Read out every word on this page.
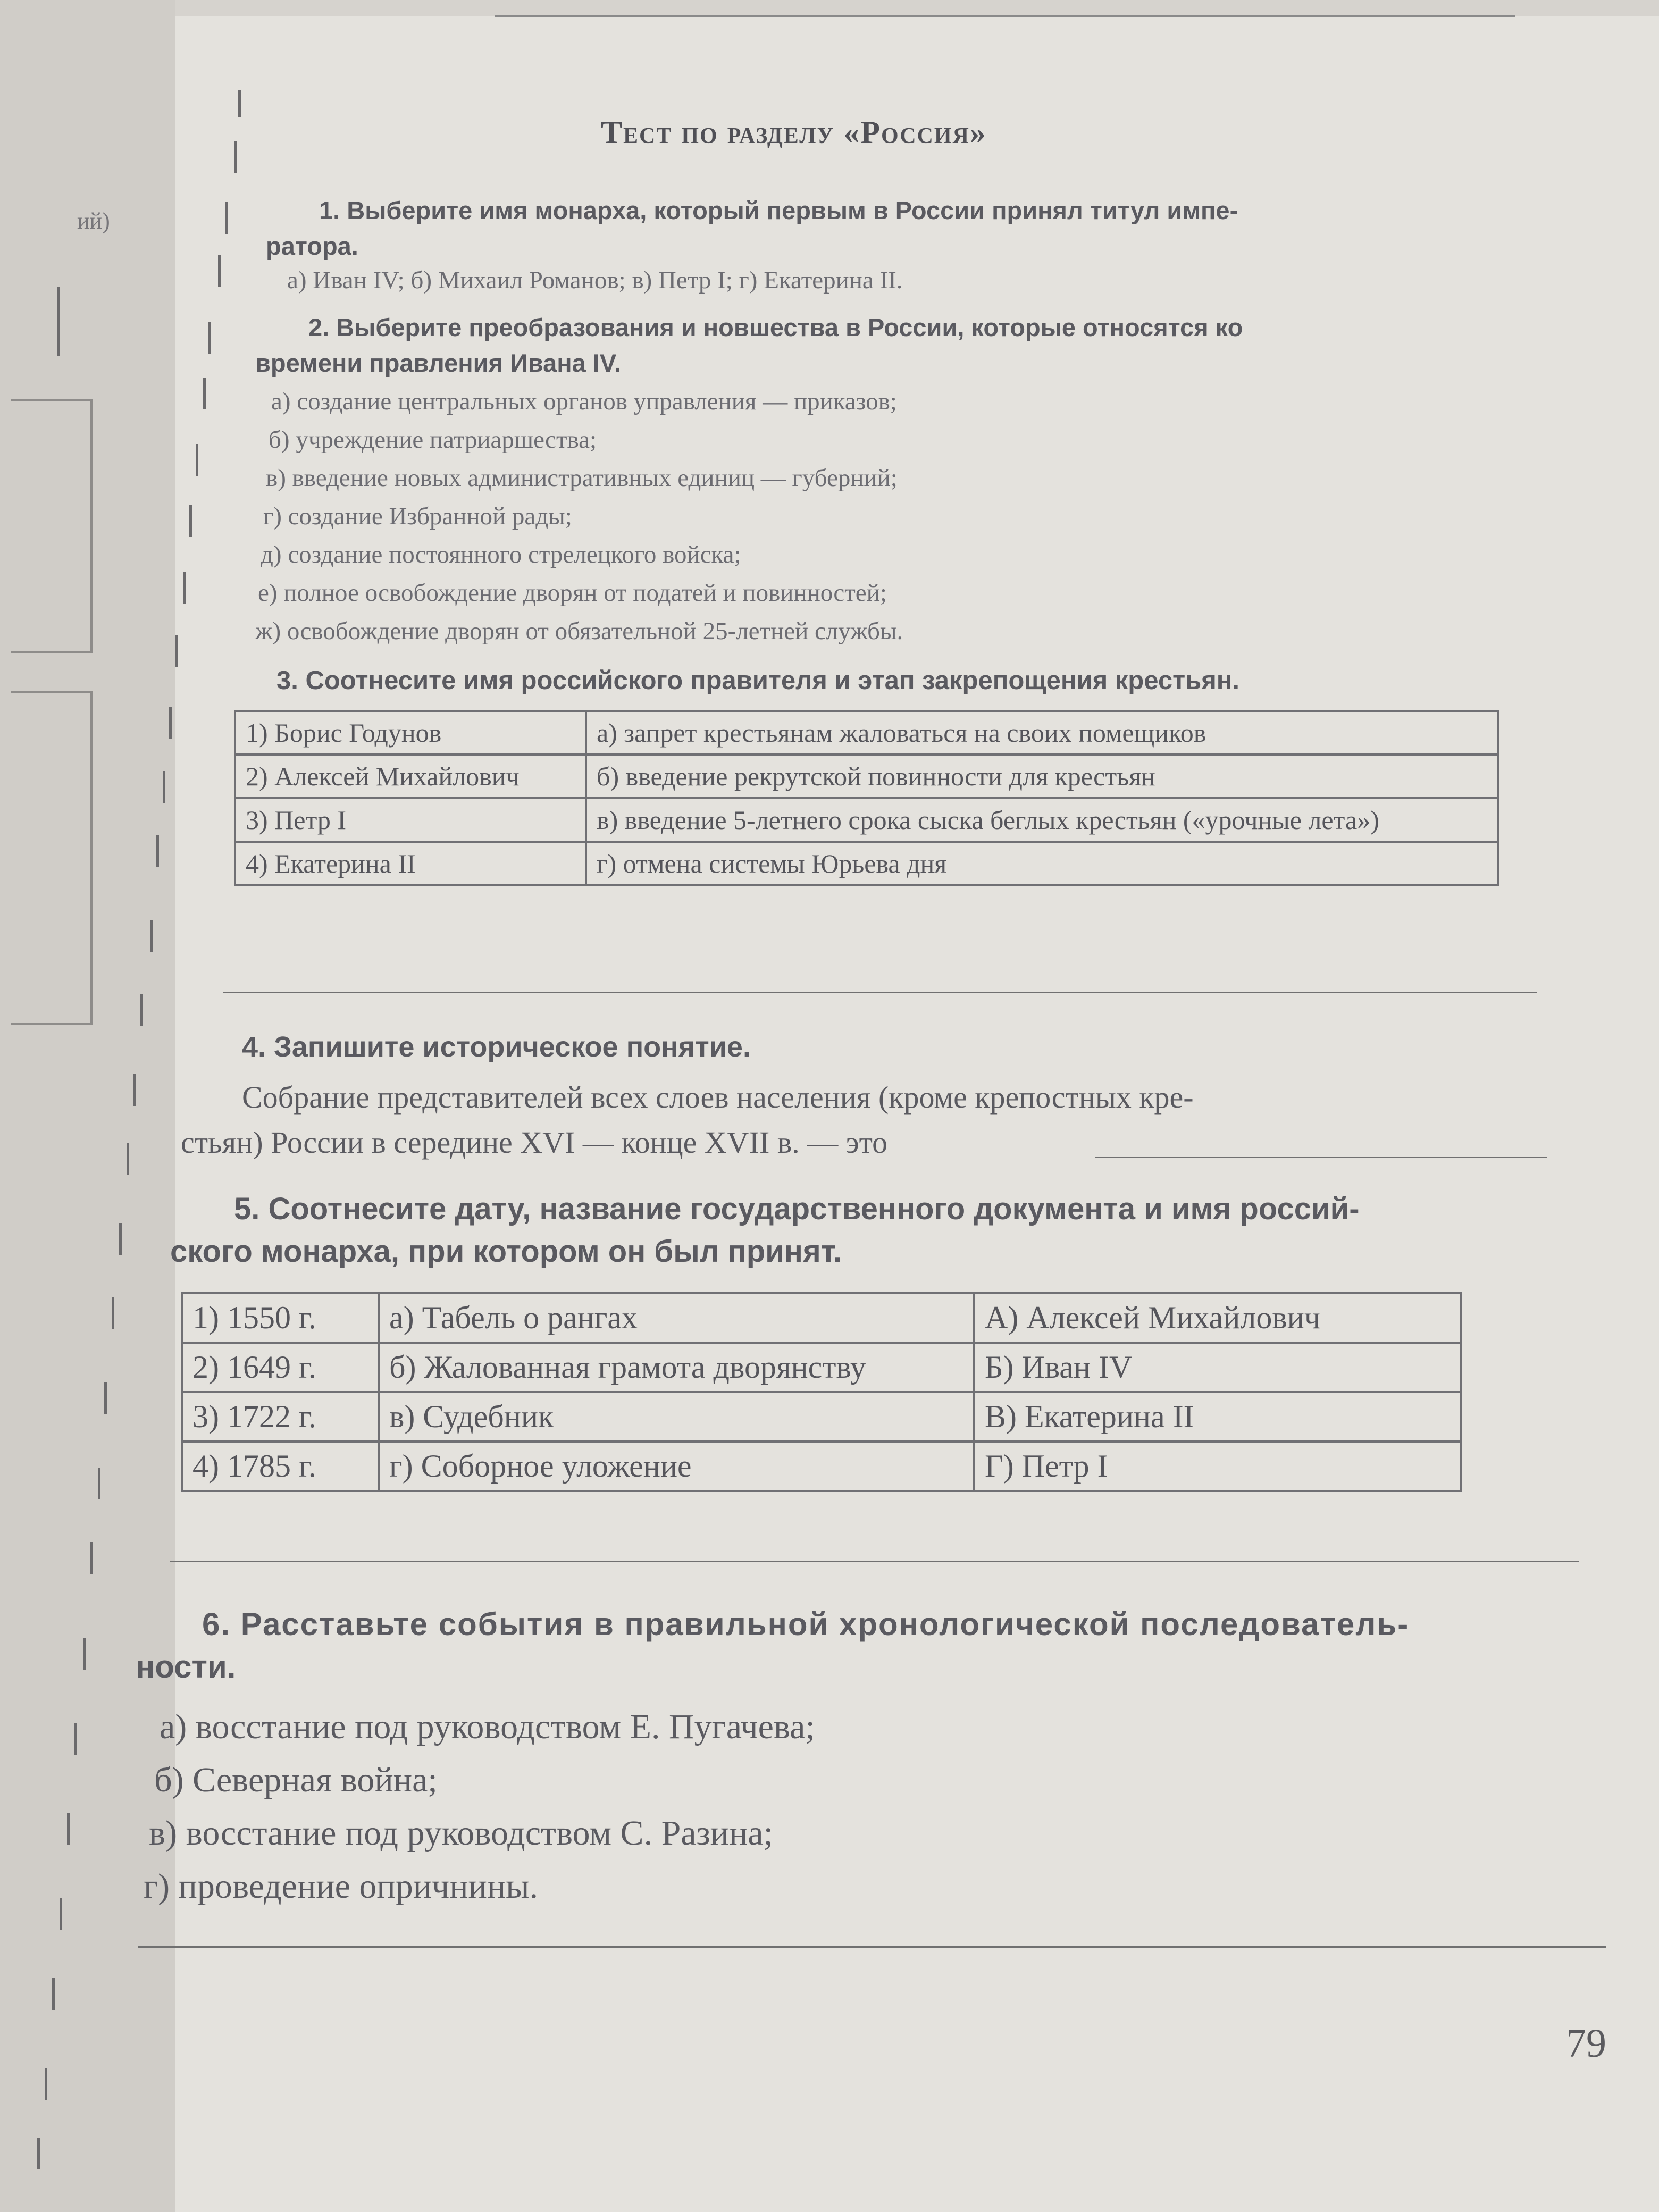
ий)
Тест по разделу «Россия»
1. Выберите имя монарха, который первым в России принял титул импе-
ратора.
а) Иван IV; б) Михаил Романов; в) Петр I; г) Екатерина II.
2. Выберите преобразования и новшества в России, которые относятся ко
времени правления Ивана IV.
а) создание центральных органов управления — приказов;
б) учреждение патриаршества;
в) введение новых административных единиц — губерний;
г) создание Избранной рады;
д) создание постоянного стрелецкого войска;
е) полное освобождение дворян от податей и повинностей;
ж) освобождение дворян от обязательной 25-летней службы.
3. Соотнесите имя российского правителя и этап закрепощения крестьян.
1) Борис Годунов	а) запрет крестьянам жаловаться на своих помещиков
2) Алексей Михайлович	б) введение рекрутской повинности для крестьян
3) Петр I	в) введение 5-летнего срока сыска беглых крестьян («урочные лета»)
4) Екатерина II	г) отмена системы Юрьева дня
4. Запишите историческое понятие.
Собрание представителей всех слоев населения (кроме крепостных кре-
стьян) России в середине XVI — конце XVII в. — это
5. Соотнесите дату, название государственного документа и имя россий-
ского монарха, при котором он был принят.
1) 1550 г.	а) Табель о рангах	А) Алексей Михайлович
2) 1649 г.	б) Жалованная грамота дворянству	Б) Иван IV
3) 1722 г.	в) Судебник	В) Екатерина II
4) 1785 г.	г) Соборное уложение	Г) Петр I
6. Расставьте события в правильной хронологической последователь-
ности.
а) восстание под руководством Е. Пугачева;
б) Северная война;
в) восстание под руководством С. Разина;
г) проведение опричнины.
79
